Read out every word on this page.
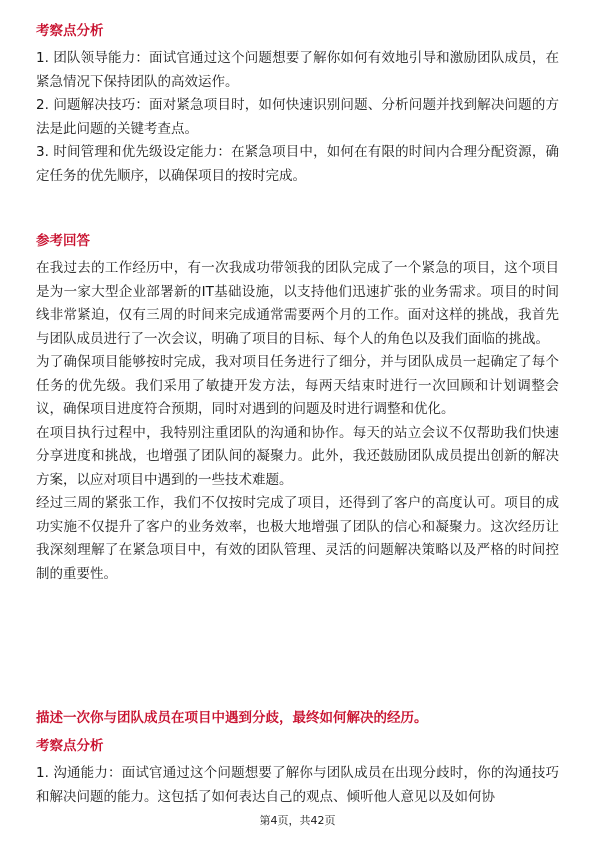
考察点分析

1. 团队领导能力：面试官通过这个问题想要了解你如何有效地引导和激励团队成员，在紧急情况下保持团队的高效运作。

2. 问题解决技巧：面对紧急项目时，如何快速识别问题、分析问题并找到解决问题的方法是此问题的关键考查点。

3. 时间管理和优先级设定能力：在紧急项目中，如何在有限的时间内合理分配资源，确定任务的优先顺序，以确保项目的按时完成。

参考回答

在我过去的工作经历中，有一次我成功带领我的团队完成了一个紧急的项目，这个项目是为一家大型企业部署新的IT基础设施，以支持他们迅速扩张的业务需求。项目的时间线非常紧迫，仅有三周的时间来完成通常需要两个月的工作。面对这样的挑战，我首先与团队成员进行了一次会议，明确了项目的目标、每个人的角色以及我们面临的挑战。

为了确保项目能够按时完成，我对项目任务进行了细分，并与团队成员一起确定了每个任务的优先级。我们采用了敏捷开发方法，每两天结束时进行一次回顾和计划调整会议，确保项目进度符合预期，同时对遇到的问题及时进行调整和优化。

在项目执行过程中，我特别注重团队的沟通和协作。每天的站立会议不仅帮助我们快速分享进度和挑战，也增强了团队间的凝聚力。此外，我还鼓励团队成员提出创新的解决方案，以应对项目中遇到的一些技术难题。

经过三周的紧张工作，我们不仅按时完成了项目，还得到了客户的高度认可。项目的成功实施不仅提升了客户的业务效率，也极大地增强了团队的信心和凝聚力。这次经历让我深刻理解了在紧急项目中，有效的团队管理、灵活的问题解决策略以及严格的时间控制的重要性。

描述一次你与团队成员在项目中遇到分歧，最终如何解决的经历。

考察点分析

1. 沟通能力：面试官通过这个问题想要了解你与团队成员在出现分歧时，你的沟通技巧和解决问题的能力。这包括了如何表达自己的观点、倾听他人意见以及如何协

第4页，共42页
